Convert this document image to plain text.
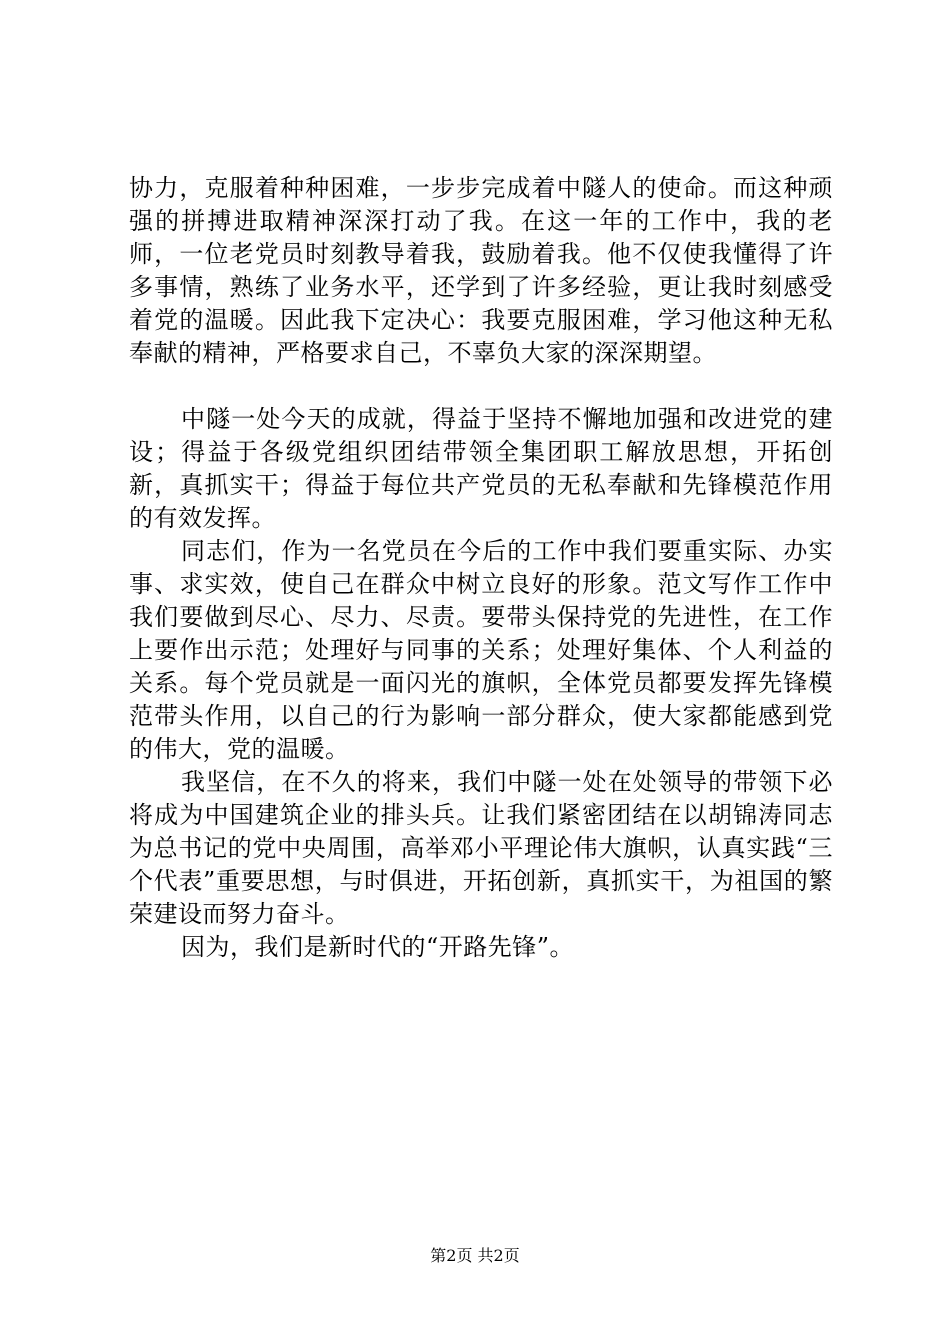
协力，克服着种种困难，一步步完成着中隧人的使命。而这种顽强的拼搏进取精神深深打动了我。在这一年的工作中，我的老师，一位老党员时刻教导着我，鼓励着我。他不仅使我懂得了许多事情，熟练了业务水平，还学到了许多经验，更让我时刻感受着党的温暖。因此我下定决心：我要克服困难，学习他这种无私奉献的精神，严格要求自己，不辜负大家的深深期望。

中隧一处今天的成就，得益于坚持不懈地加强和改进党的建设；得益于各级党组织团结带领全集团职工解放思想，开拓创新，真抓实干；得益于每位共产党员的无私奉献和先锋模范作用的有效发挥。

同志们，作为一名党员在今后的工作中我们要重实际、办实事、求实效，使自己在群众中树立良好的形象。范文写作工作中我们要做到尽心、尽力、尽责。要带头保持党的先进性，在工作上要作出示范；处理好与同事的关系；处理好集体、个人利益的关系。每个党员就是一面闪光的旗帜，全体党员都要发挥先锋模范带头作用，以自己的行为影响一部分群众，使大家都能感到党的伟大，党的温暖。

我坚信，在不久的将来，我们中隧一处在处领导的带领下必将成为中国建筑企业的排头兵。让我们紧密团结在以胡锦涛同志为总书记的党中央周围，高举邓小平理论伟大旗帜，认真实践“三个代表”重要思想，与时俱进，开拓创新，真抓实干，为祖国的繁荣建设而努力奋斗。

因为，我们是新时代的“开路先锋”。

第2页 共2页
